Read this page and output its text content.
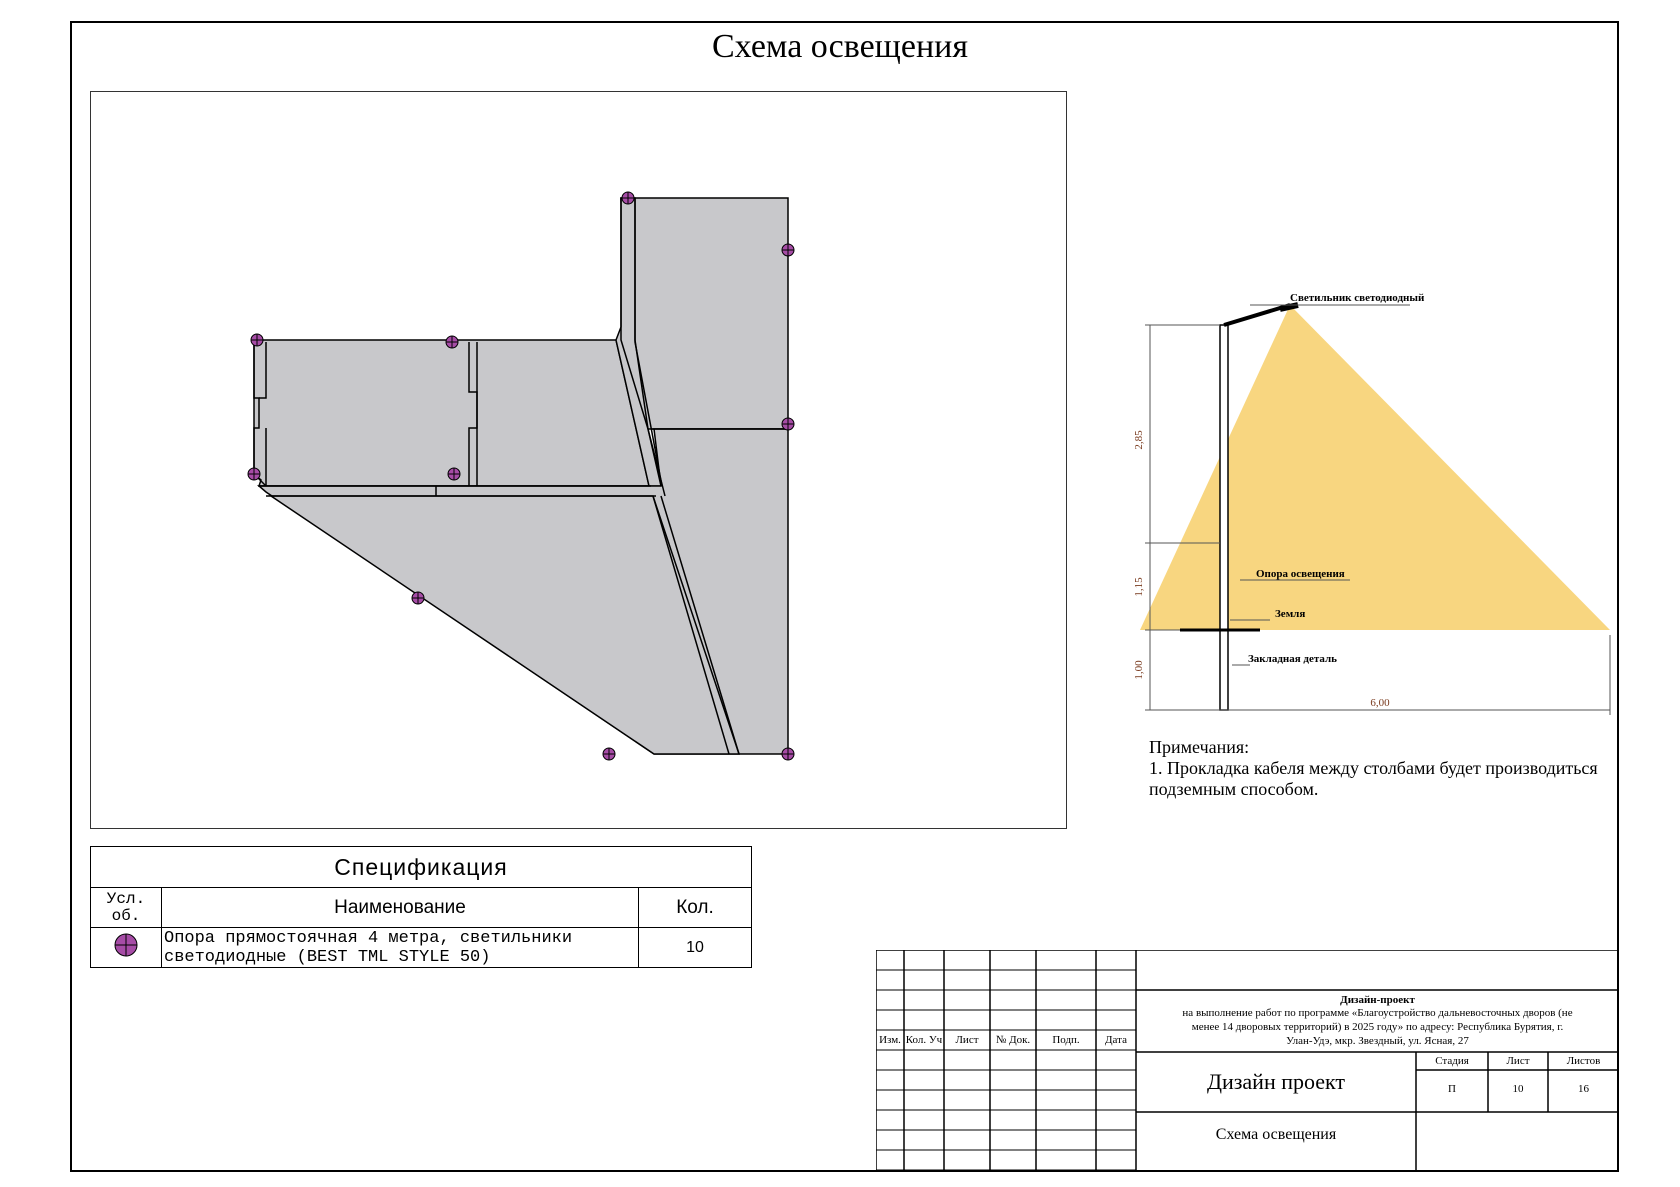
Схема освещения
2,85
1,15
1,00
6,00
Светильник светодиодный
Опора освещения
Земля
Закладная деталь
Примечания:
1. Прокладка кабеля между столбами будет производиться
подземным способом.
Спецификация		

Усл.
об.	Наименование	Кол.

Опора прямостоячная 4 метра, светильники
светодиодные (BEST TML STYLE 50)	10
Изм. Кол. Уч	Лист	№ Док.	Подп.	Дата
Дизайн-проект
на выполнение работ по программе «Благоустройство дальневосточных дворов (не
менее 14 дворовых территорий) в 2025 году» по адресу: Республика Бурятия, г.
Улан-Удэ, мкр. Звездный, ул. Ясная, 27
Дизайн проект
Схема освещения
Стадия	Лист	Листов
П	10	16
